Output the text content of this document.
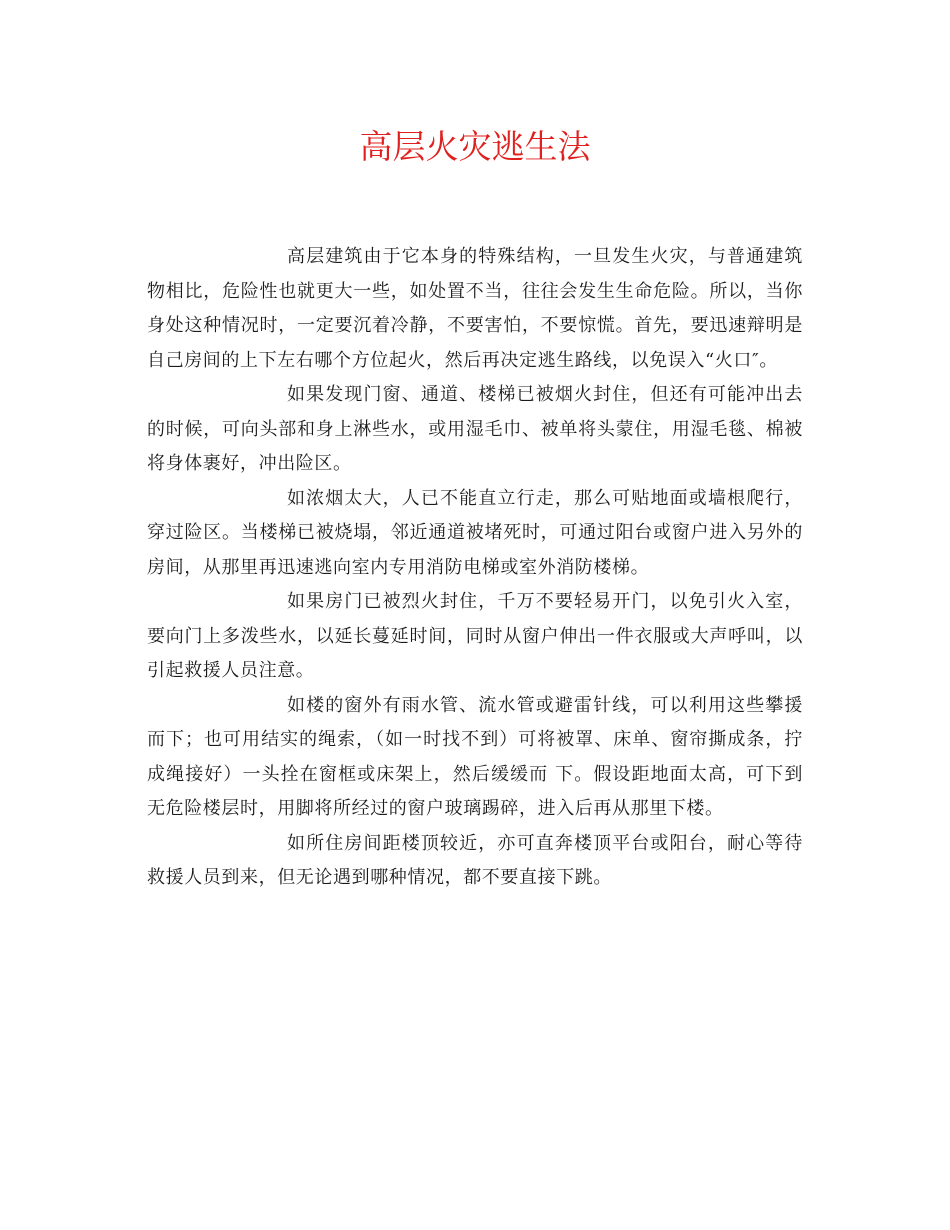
高层火灾逃生法

高层建筑由于它本身的特殊结构，一旦发生火灾，与普通建筑物相比，危险性也就更大一些，如处置不当，往往会发生生命危险。所以，当你身处这种情况时，一定要沉着冷静，不要害怕，不要惊慌。首先，要迅速辩明是自己房间的上下左右哪个方位起火，然后再决定逃生路线，以免误入“火口″。

如果发现门窗、通道、楼梯已被烟火封住，但还有可能冲出去的时候，可向头部和身上淋些水，或用湿毛巾、被单将头蒙住，用湿毛毯、棉被将身体裹好，冲出险区。

如浓烟太大，人已不能直立行走，那么可贴地面或墙根爬行，穿过险区。当楼梯已被烧塌，邻近通道被堵死时，可通过阳台或窗户进入另外的房间，从那里再迅速逃向室内专用消防电梯或室外消防楼梯。

如果房门已被烈火封住，千万不要轻易开门，以免引火入室，要向门上多泼些水，以延长蔓延时间，同时从窗户伸出一件衣服或大声呼叫，以引起救援人员注意。

如楼的窗外有雨水管、流水管或避雷针线，可以利用这些攀援而下；也可用结实的绳索，（如一时找不到）可将被罩、床单、窗帘撕成条，拧成绳接好）一头拴在窗框或床架上，然后缓缓而 下。假设距地面太高，可下到无危险楼层时，用脚将所经过的窗户玻璃踢碎，进入后再从那里下楼。

如所住房间距楼顶较近，亦可直奔楼顶平台或阳台，耐心等待救援人员到来，但无论遇到哪种情况，都不要直接下跳。
